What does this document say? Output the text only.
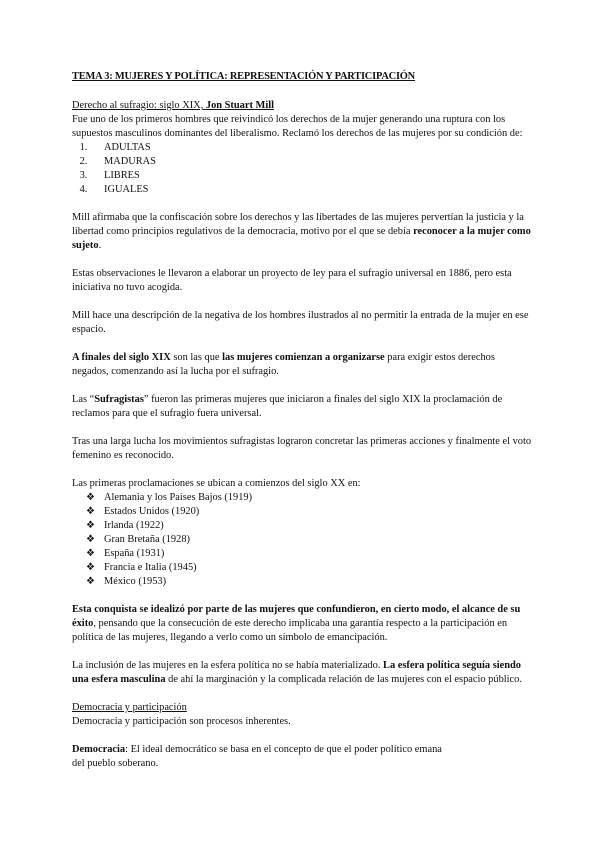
TEMA 3: MUJERES Y POLÍTICA: REPRESENTACIÓN Y PARTICIPACIÓN

Derecho al sufragio: siglo XIX, Jon Stuart Mill

Fue uno de los primeros hombres que reivindicó los derechos de la mujer generando una ruptura con los supuestos masculinos dominantes del liberalismo. Reclamó los derechos de las mujeres por su condición de:

1. ADULTAS
2. MADURAS
3. LIBRES
4. IGUALES

Mill afirmaba que la confiscación sobre los derechos y las libertades de las mujeres pervertían la justicia y la libertad como principios regulativos de la democracia, motivo por el que se debía reconocer a la mujer como sujeto.

Estas observaciones le llevaron a elaborar un proyecto de ley para el sufragio universal en 1886, pero esta iniciativa no tuvo acogida.

Mill hace una descripción de la negativa de los hombres ilustrados al no permitir la entrada de la mujer en ese espacio.

A finales del siglo XIX son las que las mujeres comienzan a organizarse para exigir estos derechos negados, comenzando así la lucha por el sufragio.

Las “Sufragistas” fueron las primeras mujeres que iniciaron a finales del siglo XIX la proclamación de reclamos para que el sufragio fuera universal.

Tras una larga lucha los movimientos sufragistas lograron concretar las primeras acciones y finalmente el voto femenino es reconocido.

Las primeras proclamaciones se ubican a comienzos del siglo XX en:

❖ Alemania y los Países Bajos (1919)
❖ Estados Unidos (1920)
❖ Irlanda (1922)
❖ Gran Bretaña (1928)
❖ España (1931)
❖ Francia e Italia (1945)
❖ México (1953)

Esta conquista se idealizó por parte de las mujeres que confundieron, en cierto modo, el alcance de su éxito, pensando que la consecución de este derecho implicaba una garantía respecto a la participación en política de las mujeres, llegando a verlo como un símbolo de emancipación.

La inclusión de las mujeres en la esfera política no se había materializado. La esfera política seguía siendo una esfera masculina de ahí la marginación y la complicada relación de las mujeres con el espacio público.

Democracia y participación

Democracia y participación son procesos inherentes.

Democracia: El ideal democrático se basa en el concepto de que el poder político emana del pueblo soberano.
